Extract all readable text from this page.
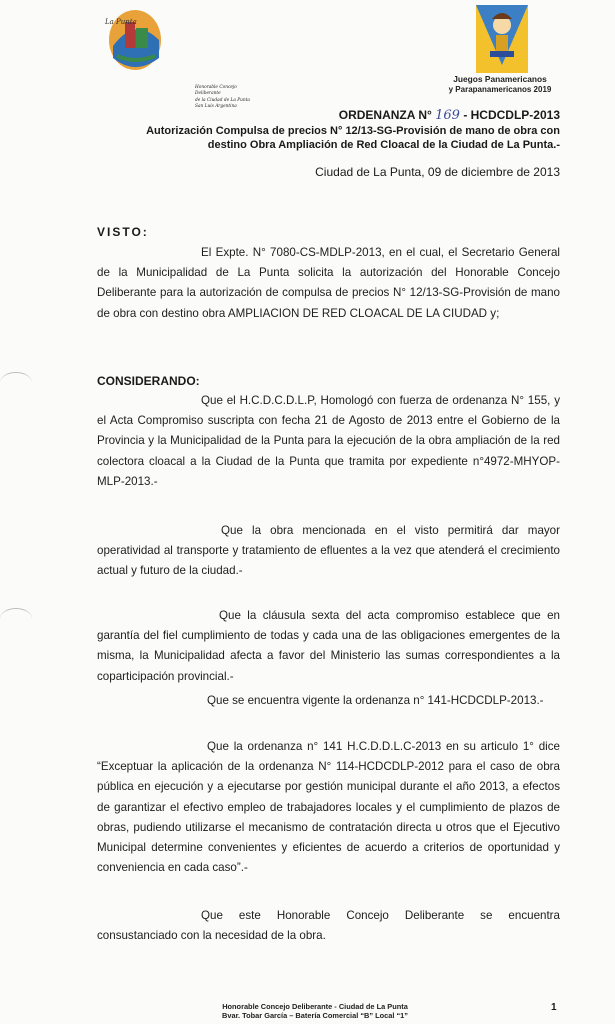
La Punta
Honorable Concejo Deliberante
de la Ciudad de La Punta
San Luis Argentina
Juegos Panamericanos
y Parapanamericanos 2019
ORDENANZA N° 169 - HCDCDLP-2013
Autorización Compulsa de precios N° 12/13-SG-Provisión de mano de obra con
destino Obra Ampliación de Red Cloacal de la Ciudad de La Punta.-
Ciudad de La Punta, 09 de diciembre de 2013
VISTO:
El Expte. N° 7080-CS-MDLP-2013, en el cual, el Secretario General de la Municipalidad de La Punta solicita la autorización del Honorable Concejo Deliberante para la autorización de compulsa de precios N° 12/13-SG-Provisión de mano de obra con destino obra AMPLIACION DE RED CLOACAL DE LA CIUDAD y;
CONSIDERANDO:
Que el H.C.D.C.D.L.P, Homologó con fuerza de ordenanza N° 155, y el Acta Compromiso suscripta con fecha 21 de Agosto de 2013 entre el Gobierno de la Provincia y la Municipalidad de la Punta para la ejecución de la obra ampliación de la red colectora cloacal a la Ciudad de la Punta que tramita por expediente n°4972-MHYOP-MLP-2013.-
Que la obra mencionada en el visto permitirá dar mayor operatividad al transporte y tratamiento de efluentes a la vez que atenderá el crecimiento actual y futuro de la ciudad.-
Que la cláusula sexta del acta compromiso establece que en garantía del fiel cumplimiento de todas y cada una de las obligaciones emergentes de la misma, la Municipalidad afecta a favor del Ministerio las sumas correspondientes a la coparticipación provincial.-
Que se encuentra vigente la ordenanza n° 141-HCDCDLP-2013.-
Que la ordenanza n° 141 H.C.D.D.L.C-2013 en su articulo 1° dice “Exceptuar la aplicación de la ordenanza N° 114-HCDCDLP-2012 para el caso de obra pública en ejecución y a ejecutarse por gestión municipal durante el año 2013, a efectos de garantizar el efectivo empleo de trabajadores locales y el cumplimiento de plazos de obras, pudiendo utilizarse el mecanismo de contratación directa u otros que el Ejecutivo Municipal determine convenientes y eficientes de acuerdo a criterios de oportunidad y conveniencia en cada caso”.-
Que este Honorable Concejo Deliberante se encuentra consustanciado con la necesidad de la obra.
Honorable Concejo Deliberante - Ciudad de La Punta
Bvar. Tobar García – Batería Comercial “B” Local “1”
1
